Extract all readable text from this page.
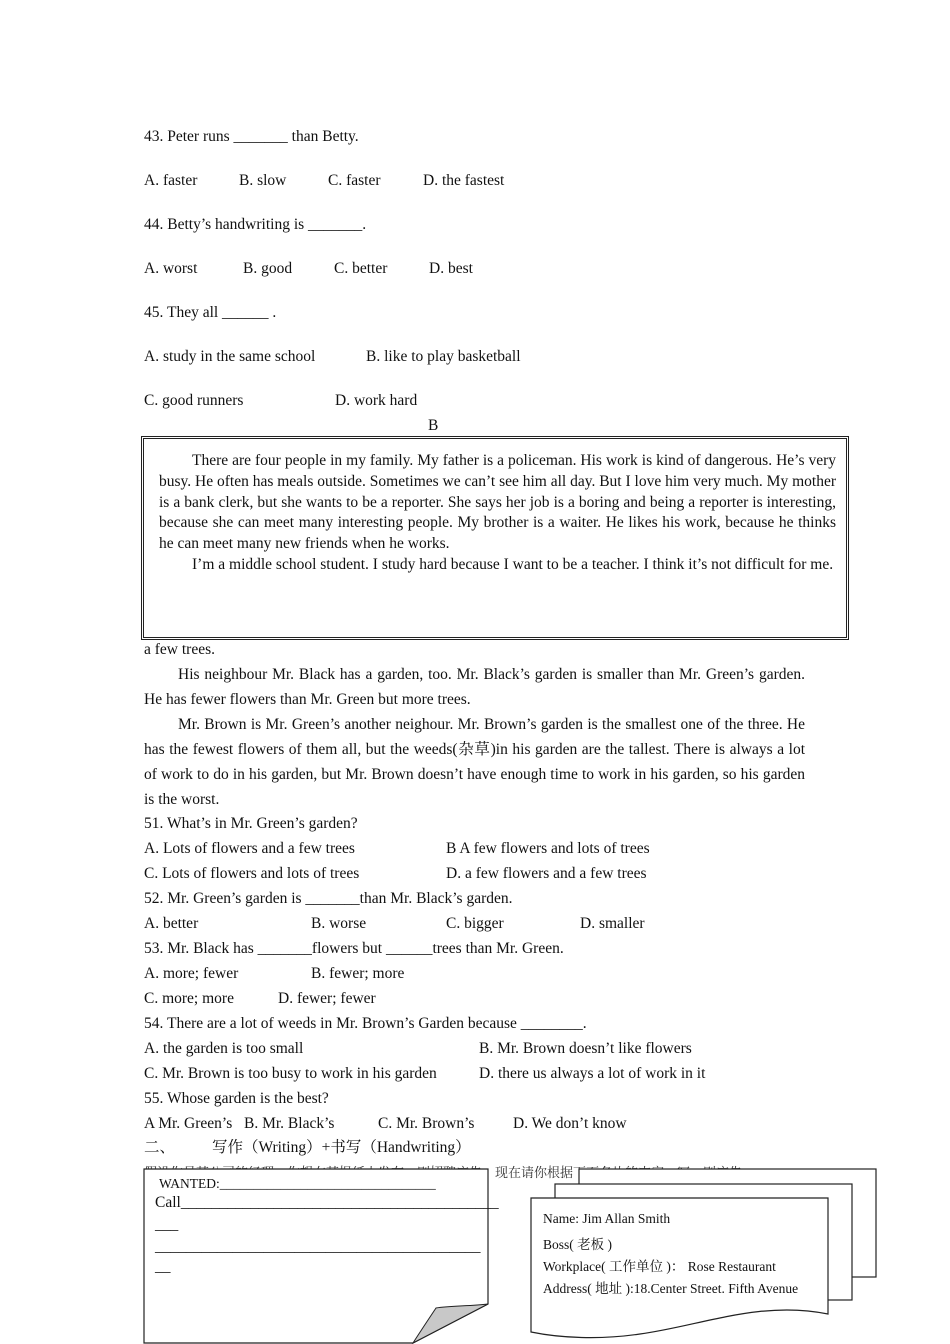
43. Peter runs _______ than Betty.
A. faster	B. slow	C. faster	D. the fastest
44. Betty’s handwriting is _______.
A. worst	B. good	C. better	D. best
45. They all ______ .
A. study in the same school	B. like to play basketball
C. good runners	D. work hard
B

There are four people in my family. My father is a policeman. His work is kind of dangerous. He’s very busy. He often has meals outside. Sometimes we can’t see him all day. But I love him very much. My mother is a bank clerk, but she wants to be a reporter. She says her job is a boring and being a reporter is interesting, because she can meet many interesting people. My brother is a waiter. He likes his work, because he thinks he can meet many new friends when he works.

I’m a middle school student. I study hard because I want to be a teacher. I think it’s not difficult for me.

a few trees.

His neighbour Mr. Black has a garden, too. Mr. Black’s garden is smaller than Mr. Green’s garden. He has fewer flowers than Mr. Green but more trees.

Mr. Brown is Mr. Green’s another neighour. Mr. Brown’s garden is the smallest one of the three. He has the fewest flowers of them all, but the weeds(杂草)in his garden are the tallest. There is always a lot of work to do in his garden, but Mr. Brown doesn’t have enough time to work in his garden, so his garden is the worst.

51. What’s in Mr. Green’s garden?
A. Lots of flowers and a few trees	B A few flowers and lots of trees
C. Lots of flowers and lots of trees	D. a few flowers and a few trees
52. Mr. Green’s garden is _______than Mr. Black’s garden.
A. better	B. worse	C. bigger	D. smaller
53. Mr. Black has _______flowers but ______trees than Mr. Green.
A. more; fewer	B. fewer; more
C. more; more	D. fewer; fewer
54. There are a lot of weeds in Mr. Brown’s Garden because ________.
A. the garden is too small	B. Mr. Brown doesn’t like flowers
C. Mr. Brown is too busy to work in his garden	D. there us always a lot of work in it
55. Whose garden is the best?
A Mr. Green’s B. Mr. Black’s	C. Mr. Brown’s D. We don’t know
二、 写作（Writing）+书写（Handwriting）
WANTED:________________________________
Call_________________________________________
___
__________________________________________
__
Name: Jim Allan Smith
Boss( 老板 )
Workplace( 工作单位 )： Rose Restaurant
Address( 地址 ):18.Center Street. Fifth Avenue
